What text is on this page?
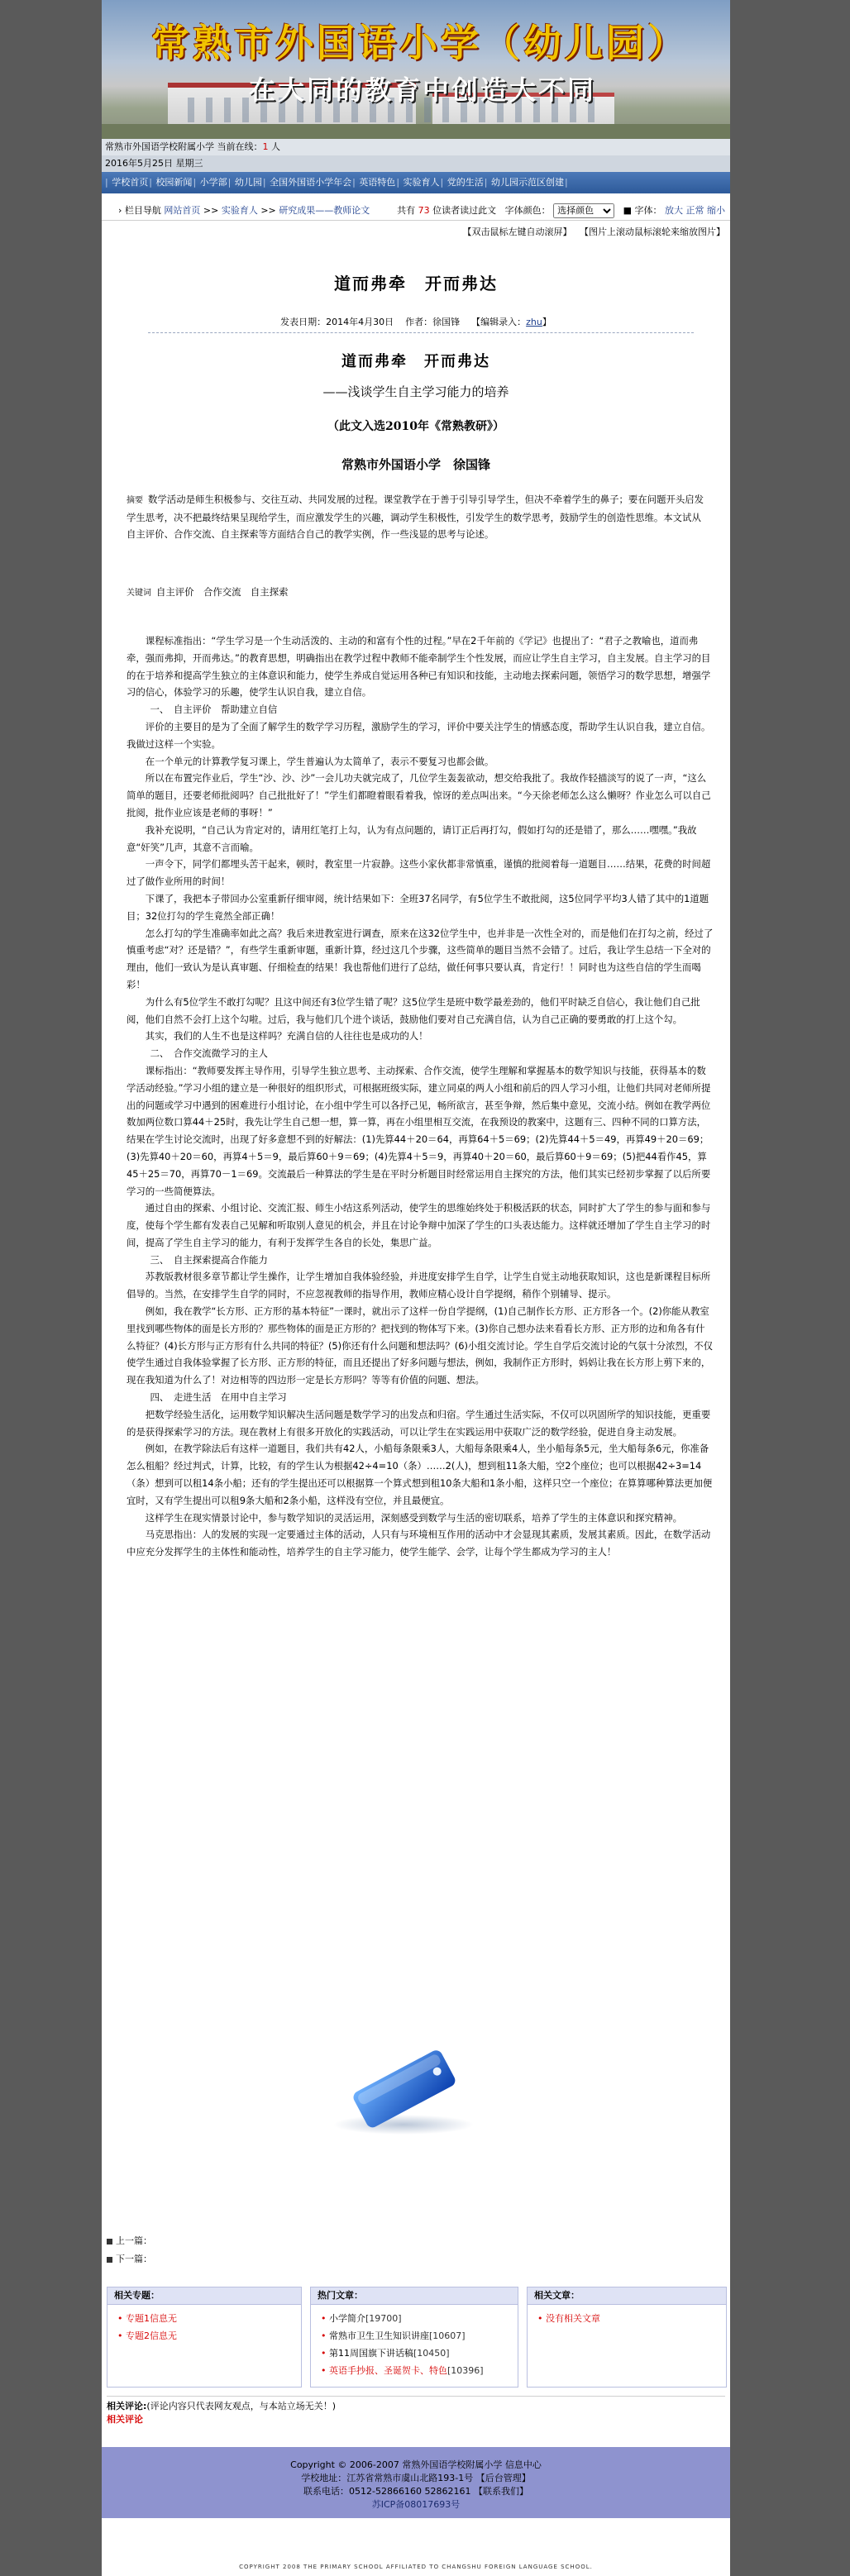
常熟市外国语小学（幼儿园）
在大同的教育中创造大不同
常熟市外国语学校附属小学 当前在线：1 人
2016年5月25日 星期三
| 学校首页| 校园新闻| 小学部| 幼儿园| 全国外国语小学年会| 英语特色| 实验育人| 党的生活| 幼儿园示范区创建|
› 栏目导航 网站首页 >> 实验育人 >> 研究成果——教师论文	共有 73 位读者读过此文 字体颜色：
选择颜色	■ 字体： 放大 正常 缩小
【双击鼠标左键自动滚屏】 【图片上滚动鼠标滚轮来缩放图片】
道而弗牵　开而弗达
发表日期：2014年4月30日 作者：徐国锋 【编辑录入：zhu】
道而弗牵　开而弗达
——浅谈学生自主学习能力的培养
（此文入选2010年《常熟教研》）
常熟市外国语小学　徐国锋
摘要 数学活动是师生积极参与、交往互动、共同发展的过程。课堂教学在于善于引导引导学生，但决不牵着学生的鼻子；要在问题开头启发学生思考，决不把最终结果呈现给学生，而应激发学生的兴趣，调动学生积极性，引发学生的数学思考，鼓励学生的创造性思维。本文试从自主评价、合作交流、自主探索等方面结合自己的教学实例，作一些浅显的思考与论述。
关键词 自主评价　合作交流　自主探索

课程标准指出：“学生学习是一个生动活泼的、主动的和富有个性的过程。”早在2千年前的《学记》也提出了：“君子之教喻也，道而弗牵，强而弗抑，开而弗达。”的教育思想，明确指出在教学过程中教师不能牵制学生个性发展，而应让学生自主学习，自主发展。自主学习的目的在于培养和提高学生独立的主体意识和能力，使学生养成自觉运用各种已有知识和技能，主动地去探索问题，领悟学习的数学思想，增强学习的信心，体验学习的乐趣，使学生认识自我，建立自信。

一、　自主评价　帮助建立自信

评价的主要目的是为了全面了解学生的数学学习历程，激励学生的学习，评价中要关注学生的情感态度，帮助学生认识自我，建立自信。我做过这样一个实验。

在一个单元的计算教学复习课上，学生普遍认为太简单了，表示不要复习也都会做。

所以在布置完作业后，学生“沙、沙、沙”一会儿功夫就完成了，几位学生轰轰欲动，想交给我批了。我故作轻描淡写的说了一声，“这么简单的题目，还要老师批阅吗？自己批批好了！”学生们都瞪着眼看着我，惊讶的差点叫出来。“今天徐老师怎么这么懒呀？作业怎么可以自己批阅，批作业应该是老师的事呀！”

我补充说明，“自己认为肯定对的，请用红笔打上勾，认为有点问题的，请订正后再打勾，假如打勾的还是错了，那么……嘿嘿。”我故意“奸笑”几声，其意不言而喻。

一声令下，同学们都埋头苦干起来，顿时，教室里一片寂静。这些小家伙都非常慎重，谨慎的批阅着每一道题目……结果，花费的时间超过了做作业所用的时间！

下课了，我把本子带回办公室重新仔细审阅，统计结果如下：全班37名同学，有5位学生不敢批阅，这5位同学平均3人错了其中的1道题目；32位打勾的学生竟然全部正确！

怎么打勾的学生准确率如此之高？我后来进教室进行调查，原来在这32位学生中，也并非是一次性全对的，而是他们在打勾之前，经过了慎重考虑“对？还是错？”，有些学生重新审题，重新计算，经过这几个步骤，这些简单的题目当然不会错了。过后，我让学生总结一下全对的理由，他们一致认为是认真审题、仔细检查的结果！我也帮他们进行了总结，做任何事只要认真，肯定行！！同时也为这些自信的学生而喝彩！

为什么有5位学生不敢打勾呢？且这中间还有3位学生错了呢？这5位学生是班中数学最差劲的，他们平时缺乏自信心，我让他们自己批阅，他们自然不会打上这个勾啦。过后，我与他们几个进个谈话，鼓励他们要对自己充满自信，认为自己正确的要勇敢的打上这个勾。

其实，我们的人生不也是这样吗？充满自信的人往往也是成功的人！

二、　合作交流微学习的主人

课标指出：“教师要发挥主导作用，引导学生独立思考、主动探索、合作交流，使学生理解和掌握基本的数学知识与技能，获得基本的数学活动经验。”学习小组的建立是一种很好的组织形式，可根据班级实际，建立同桌的两人小组和前后的四人学习小组，让他们共同对老师所提出的问题或学习中遇到的困难进行小组讨论，在小组中学生可以各抒己见，畅所欲言，甚至争辩，然后集中意见，交流小结。例如在教学两位数加两位数口算44＋25时，我先让学生自己想一想，算一算，再在小组里相互交流，在我预设的教案中，这题有三、四种不同的口算方法，结果在学生讨论交流时，出现了好多意想不到的好解法：(1)先算44＋20＝64，再算64＋5＝69；(2)先算44＋5＝49，再算49＋20＝69；(3)先算40＋20＝60，再算4＋5＝9，最后算60＋9＝69；(4)先算4＋5＝9，再算40＋20＝60，最后算60＋9＝69；(5)把44看作45，算45＋25＝70，再算70－1＝69。交流最后一种算法的学生是在平时分析题目时经常运用自主探究的方法，他们其实已经初步掌握了以后所要学习的一些简便算法。

通过自由的探索、小组讨论、交流汇报、师生小结这系列活动，使学生的思维始终处于积极活跃的状态，同时扩大了学生的参与面和参与度，使每个学生都有发表自己见解和听取别人意见的机会，并且在讨论争辩中加深了学生的口头表达能力。这样就还增加了学生自主学习的时间，提高了学生自主学习的能力，有利于发挥学生各自的长处，集思广益。

三、　自主探索提高合作能力

苏教版教材很多章节都让学生操作，让学生增加自我体验经验，并进度安排学生自学，让学生自觉主动地获取知识，这也是新课程目标所倡导的。当然，在安排学生自学的同时，不应忽视教师的指导作用，教师应精心设计自学提纲，稍作个别辅导、提示。

例如，我在教学“长方形、正方形的基本特征”一课时，就出示了这样一份自学提纲，(1)自己制作长方形、正方形各一个。(2)你能从教室里找到哪些物体的面是长方形的？那些物体的面是正方形的？把找到的物体写下来。(3)你自己想办法来看看长方形、正方形的边和角各有什么特征？(4)长方形与正方形有什么共同的特征？(5)你还有什么问题和想法吗？(6)小组交流讨论。学生自学后交流讨论的气氛十分浓烈，不仅使学生通过自我体验掌握了长方形、正方形的特征，而且还提出了好多问题与想法，例如，我制作正方形时，妈妈让我在长方形上剪下来的，现在我知道为什么了！对边相等的四边形一定是长方形吗？等等有价值的问题、想法。

四、　走进生活　在用中自主学习

把数学经验生活化，运用数学知识解决生活问题是数学学习的出发点和归宿。学生通过生活实际，不仅可以巩固所学的知识技能，更重要的是获得探索学习的方法。现在教材上有很多开放化的实践活动，可以让学生在实践运用中获取广泛的数学经验，促进自身主动发展。

例如，在教学除法后有这样一道题目，我们共有42人，小船每条限乘3人，大船每条限乘4人，坐小船每条5元，坐大船每条6元，你准备怎么租船？经过判式，计算，比较，有的学生认为根据42÷4=10（条）……2(人)，想到租11条大船，空2个座位；也可以根据42÷3=14（条）想到可以租14条小船；还有的学生提出还可以根据算一个算式想到租10条大船和1条小船，这样只空一个座位；在算算哪种算法更加便宜时，又有学生提出可以租9条大船和2条小船，这样没有空位，并且最便宜。

这样学生在现实情景讨论中，参与数学知识的灵活运用，深刻感受到数学与生活的密切联系，培养了学生的主体意识和探究精神。

马克思指出：人的发展的实现一定要通过主体的活动，人只有与环境相互作用的活动中才会显现其素质，发展其素质。因此，在数学活动中应充分发挥学生的主体性和能动性，培养学生的自主学习能力，使学生能学、会学，让每个学生都成为学习的主人！

上一篇：
下一篇：
相关专题：
• 专题1信息无
• 专题2信息无
热门文章：
• 小学简介[19700]
• 常熟市卫生卫生知识讲座[10607]
• 第11周国旗下讲话稿[10450]
• 英语手抄报、圣诞贺卡、特色[10396]
相关文章：
• 没有相关文章
相关评论:(评论内容只代表网友观点，与本站立场无关！)
相关评论
Copyright © 2006-2007 常熟外国语学校附属小学 信息中心
学校地址：江苏省常熟市虞山北路193-1号 【后台管理】
联系电话：0512-52866160 52862161 【联系我们】
苏ICP备08017693号
COPYRIGHT 2008 THE PRIMARY SCHOOL AFFILIATED TO CHANGSHU FOREIGN LANGUAGE SCHOOL.
